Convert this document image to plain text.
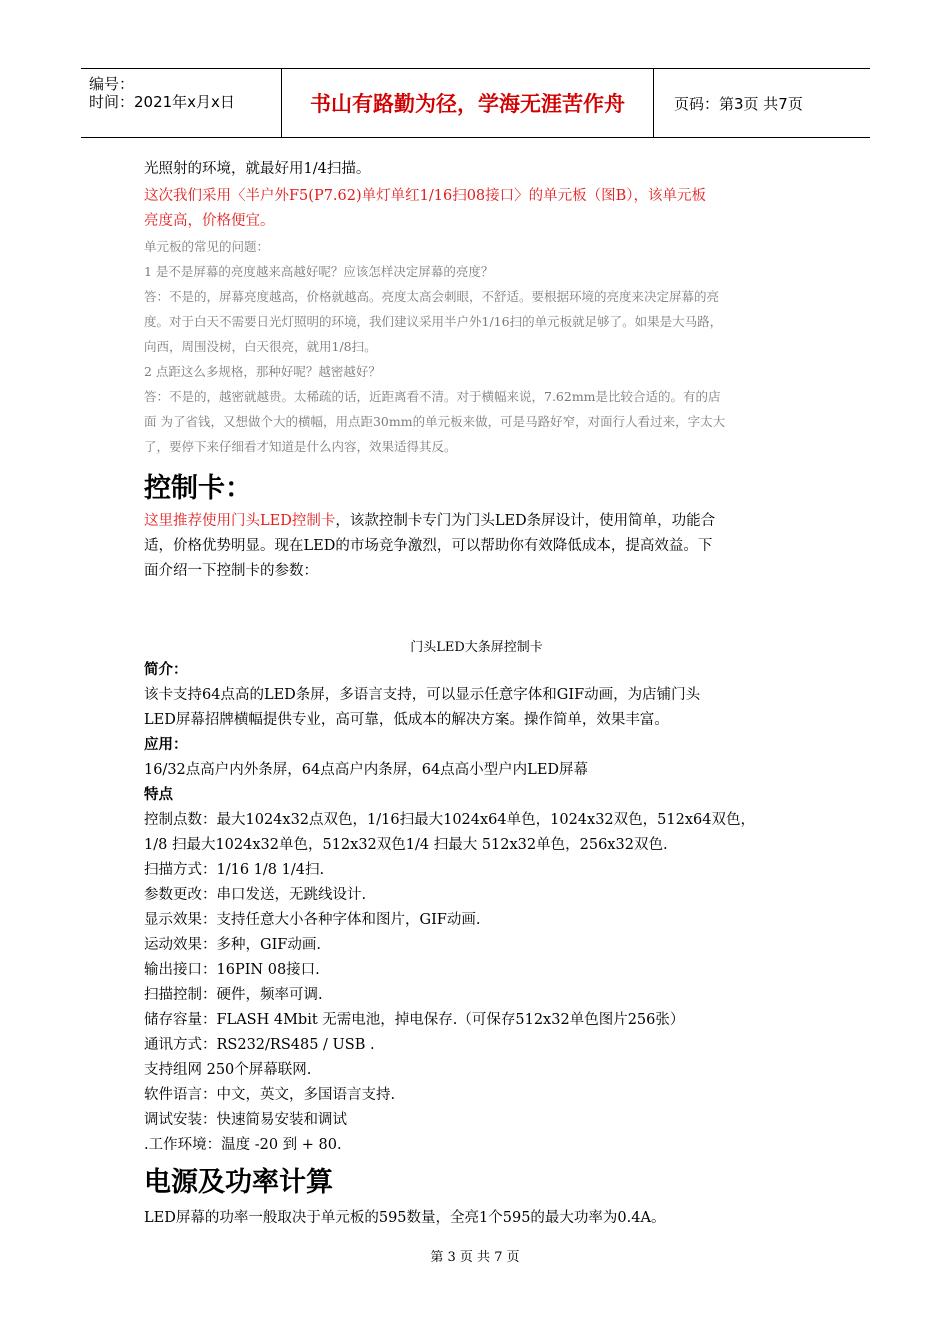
编号：
时间：2021年x月x日	书山有路勤为径，学海无涯苦作舟	页码：第3页 共7页

光照射的环境，就最好用1/4扫描。

这次我们采用〈半户外F5(P7.62)单灯单红1/16扫08接口〉的单元板（图B），该单元板

亮度高，价格便宜。

单元板的常见的问题：

1 是不是屏幕的亮度越来高越好呢？应该怎样决定屏幕的亮度？

答：不是的，屏幕亮度越高，价格就越高。亮度太高会刺眼，不舒适。要根据环境的亮度来决定屏幕的亮

度。对于白天不需要日光灯照明的环境，我们建议采用半户外1/16扫的单元板就足够了。如果是大马路，

向西，周围没树，白天很亮，就用1/8扫。

2 点距这么多规格，那种好呢？越密越好？

答：不是的，越密就越贵。太稀疏的话，近距离看不清。对于横幅来说，7.62mm是比较合适的。有的店

面 为了省钱，又想做个大的横幅，用点距30mm的单元板来做，可是马路好窄，对面行人看过来，字太大

了，要停下来仔细看才知道是什么内容，效果适得其反。

控制卡：

这里推荐使用门头LED控制卡，该款控制卡专门为门头LED条屏设计，使用简单，功能合

适，价格优势明显。现在LED的市场竞争激烈，可以帮助你有效降低成本，提高效益。下

面介绍一下控制卡的参数：

门头LED大条屏控制卡

简介：

该卡支持64点高的LED条屏，多语言支持，可以显示任意字体和GIF动画，为店铺门头

LED屏幕招牌横幅提供专业，高可靠，低成本的解决方案。操作简单，效果丰富。

应用：

16/32点高户内外条屏，64点高户内条屏，64点高小型户内LED屏幕

特点

控制点数：最大1024x32点双色，1/16扫最大1024x64单色，1024x32双色，512x64双色，

1/8 扫最大1024x32单色，512x32双色1/4 扫最大 512x32单色，256x32双色.

扫描方式：1/16 1/8 1/4扫.

参数更改：串口发送，无跳线设计.

显示效果：支持任意大小各种字体和图片，GIF动画.

运动效果：多种，GIF动画.

输出接口：16PIN 08接口.

扫描控制：硬件，频率可调.

储存容量：FLASH 4Mbit 无需电池，掉电保存.（可保存512x32单色图片256张）

通讯方式：RS232/RS485 / USB .

支持组网 250个屏幕联网.

软件语言：中文，英文，多国语言支持.

调试安装：快速简易安装和调试

.工作环境：温度 -20 到 + 80.

电源及功率计算

LED屏幕的功率一般取决于单元板的595数量，全亮1个595的最大功率为0.4A。

第 3 页 共 7 页
